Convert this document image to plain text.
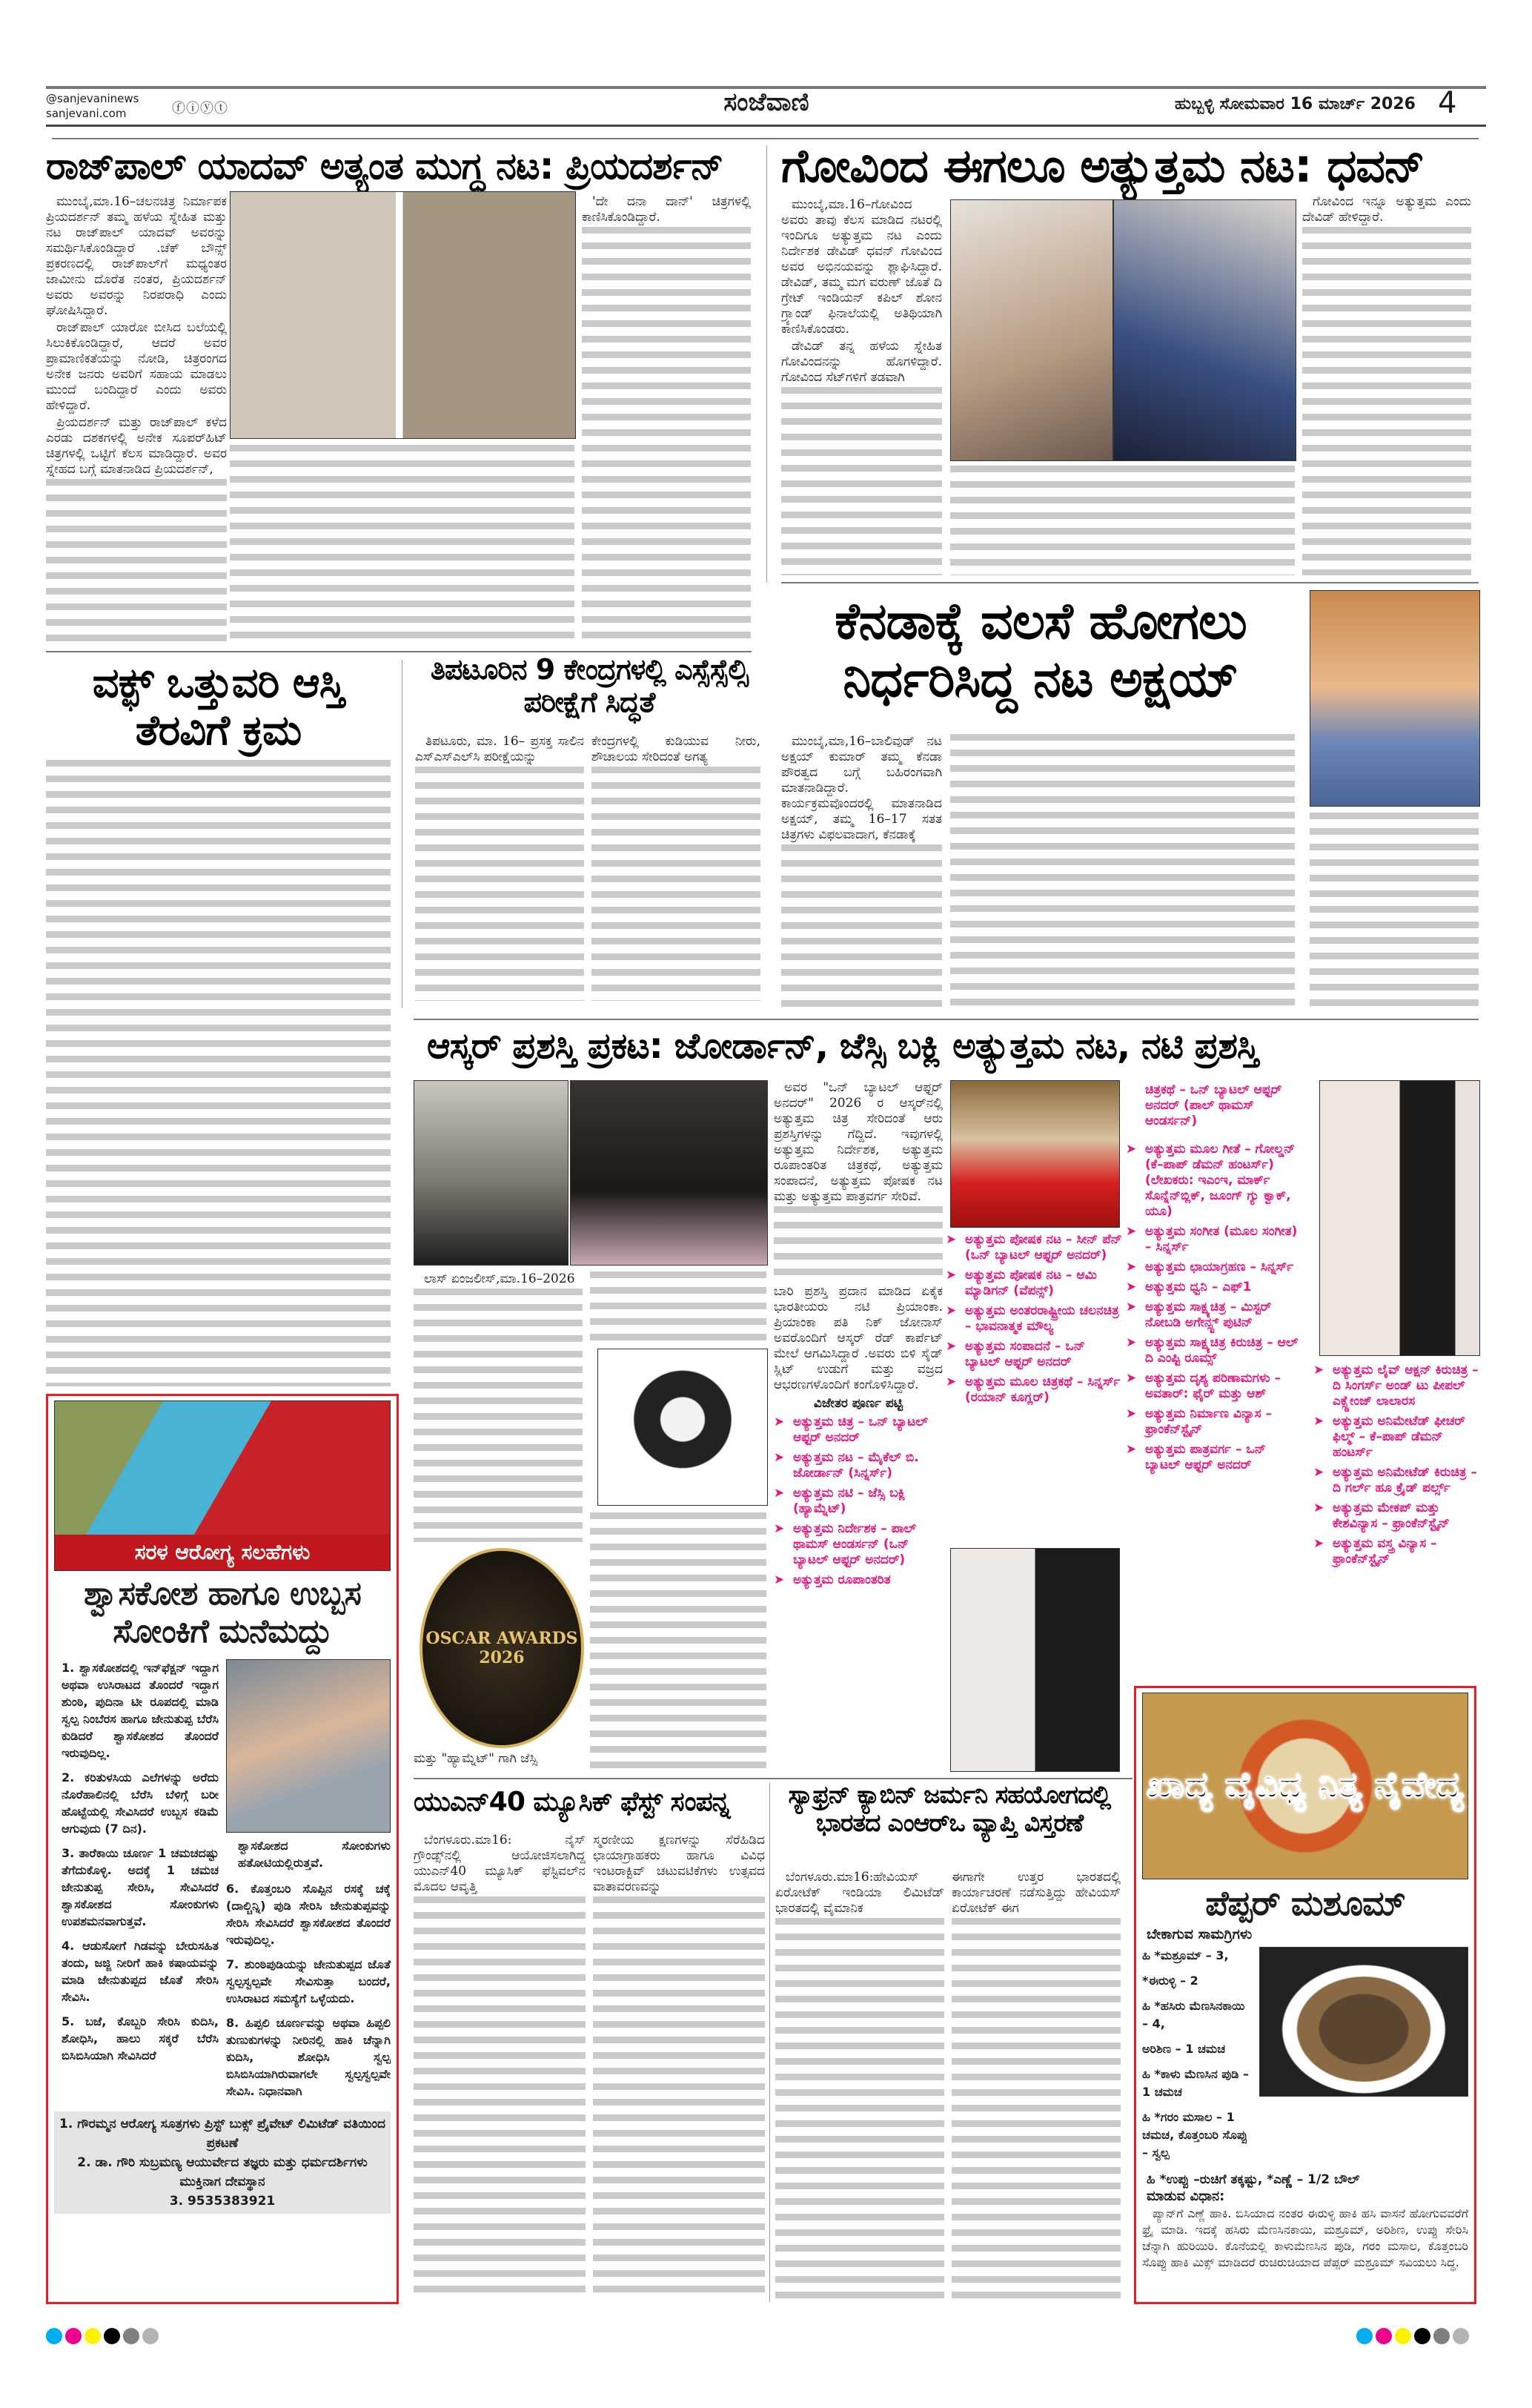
@sanjevaninews
sanjevani.com	ⓕⓘⓨⓣ	ಸಂಜೆವಾಣಿ	ಹುಬ್ಬಳ್ಳಿ ಸೋಮವಾರ 16 ಮಾರ್ಚ್ 2026 4
ರಾಜ್‌ಪಾಲ್ ಯಾದವ್ ಅತ್ಯಂತ ಮುಗ್ಧ ನಟ: ಪ್ರಿಯದರ್ಶನ್

ಮುಂಬೈ,ಮಾ.16–ಚಲನಚಿತ್ರ ನಿರ್ಮಾಪಕ ಪ್ರಿಯದರ್ಶನ್ ತಮ್ಮ ಹಳೆಯ ಸ್ನೇಹಿತ ಮತ್ತು ನಟ ರಾಜ್‌ಪಾಲ್ ಯಾದವ್ ಅವರನ್ನು ಸಮರ್ಥಿಸಿಕೊಂಡಿದ್ದಾರೆ .ಚೆಕ್ ಬೌನ್ಸ್ ಪ್ರಕರಣದಲ್ಲಿ ರಾಜ್‌ಪಾಲ್‌ಗೆ ಮಧ್ಯಂತರ ಜಾಮೀನು ದೊರೆತ ನಂತರ, ಪ್ರಿಯದರ್ಶನ್ ಅವರು ಅವರನ್ನು ನಿರಪರಾಧಿ ಎಂದು ಘೋಷಿಸಿದ್ದಾರೆ.

ರಾಜ್‌ಪಾಲ್ ಯಾರೋ ಬೀಸಿದ ಬಲೆಯಲ್ಲಿ ಸಿಲುಕಿಕೊಂಡಿದ್ದಾರೆ, ಆದರೆ ಅವರ ಪ್ರಾಮಾಣಿಕತೆಯನ್ನು ನೋಡಿ, ಚಿತ್ರರಂಗದ ಅನೇಕ ಜನರು ಅವರಿಗೆ ಸಹಾಯ ಮಾಡಲು ಮುಂದೆ ಬಂದಿದ್ದಾರೆ ಎಂದು ಅವರು ಹೇಳಿದ್ದಾರೆ.

ಪ್ರಿಯದರ್ಶನ್ ಮತ್ತು ರಾಜ್‌ಪಾಲ್ ಕಳೆದ ಎರಡು ದಶಕಗಳಲ್ಲಿ ಅನೇಕ ಸೂಪರ್‌ಹಿಟ್ ಚಿತ್ರಗಳಲ್ಲಿ ಒಟ್ಟಿಗೆ ಕೆಲಸ ಮಾಡಿದ್ದಾರೆ. ಅವರ ಸ್ನೇಹದ ಬಗ್ಗೆ ಮಾತನಾಡಿದ ಪ್ರಿಯದರ್ಶನ್,

'ದೇ ದನಾ ದಾನ್' ಚಿತ್ರಗಳಲ್ಲಿ ಕಾಣಿಸಿಕೊಂಡಿದ್ದಾರೆ.

ವಕ್ಫ್ ಒತ್ತುವರಿ ಆಸ್ತಿ ತೆರವಿಗೆ ಕ್ರಮ
ತಿಪಟೂರಿನ 9 ಕೇಂದ್ರಗಳಲ್ಲಿ ಎಸ್ಸೆಸ್ಸೆಲ್ಸಿ ಪರೀಕ್ಷೆಗೆ ಸಿದ್ಧತೆ

ತಿಪಟೂರು, ಮಾ. 16– ಪ್ರಸಕ್ತ ಸಾಲಿನ ಎಸ್‌ಎಸ್‌ಎಲ್‌ಸಿ ಪರೀಕ್ಷೆಯನ್ನು

ಕೇಂದ್ರಗಳಲ್ಲಿ ಕುಡಿಯುವ ನೀರು, ಶೌಚಾಲಯ ಸೇರಿದಂತೆ ಅಗತ್ಯ

ಗೋವಿಂದ ಈಗಲೂ ಅತ್ಯುತ್ತಮ ನಟ: ಧವನ್

ಮುಂಬೈ,ಮಾ.16–ಗೋವಿಂದ ಅವರು ತಾವು ಕೆಲಸ ಮಾಡಿದ ನಟರಲ್ಲಿ ಇಂದಿಗೂ ಅತ್ಯುತ್ತಮ ನಟ ಎಂದು ನಿರ್ದೇಶಕ ಡೇವಿಡ್ ಧವನ್ ಗೋವಿಂದ ಅವರ ಅಭಿನಯವನ್ನು ಶ್ಲಾಘಿಸಿದ್ದಾರೆ. ಡೇವಿಡ್, ತಮ್ಮ ಮಗ ವರುಣ್ ಜೊತೆ ದಿ ಗ್ರೇಟ್ ಇಂಡಿಯನ್ ಕಪಿಲ್ ಶೋನ ಗ್ರ್ಯಾಂಡ್ ಫಿನಾಲೆಯಲ್ಲಿ ಅತಿಥಿಯಾಗಿ ಕಾಣಿಸಿಕೊಂಡರು.

ಡೇವಿಡ್ ತನ್ನ ಹಳೆಯ ಸ್ನೇಹಿತ ಗೋವಿಂದನನ್ನು ಹೊಗಳಿದ್ದಾರೆ. ಗೋವಿಂದ ಸೆಟ್‌ಗಳಿಗೆ ತಡವಾಗಿ

ಗೋವಿಂದ ಇನ್ನೂ ಅತ್ಯುತ್ತಮ ಎಂದು ದೇವಿಡ್ ಹೇಳಿದ್ದಾರೆ.

ಕೆನಡಾಕ್ಕೆ ವಲಸೆ ಹೋಗಲು ನಿರ್ಧರಿಸಿದ್ದ ನಟ ಅಕ್ಷಯ್

ಮುಂಬೈ,ಮಾ,16–ಬಾಲಿವುಡ್ ನಟ ಅಕ್ಷಯ್ ಕುಮಾರ್ ತಮ್ಮ ಕೆನಡಾ ಪೌರತ್ವದ ಬಗ್ಗೆ ಬಹಿರಂಗವಾಗಿ ಮಾತನಾಡಿದ್ದಾರೆ. ಕಾರ್ಯಕ್ರಮವೊಂದರಲ್ಲಿ ಮಾತನಾಡಿದ ಅಕ್ಷಯ್, ತಮ್ಮ 16–17 ಸತತ ಚಿತ್ರಗಳು ವಿಫಲವಾದಾಗ, ಕೆನಡಾಕ್ಕೆ

ಆಸ್ಕರ್ ಪ್ರಶಸ್ತಿ ಪ್ರಕಟ: ಜೋರ್ಡಾನ್, ಜೆಸ್ಸಿ ಬಕ್ಲಿ ಅತ್ಯುತ್ತಮ ನಟ, ನಟಿ ಪ್ರಶಸ್ತಿ

ಲಾಸ್ ಏಂಜಲೀಸ್,ಮಾ.16–2026

OSCAR AWARDS 2026
ಮತ್ತು "ಹ್ಯಾಮ್ನೆಟ್" ಗಾಗಿ ಜೆಸ್ಸಿ

ಅವರ "ಒನ್ ಬ್ಯಾಟಲ್ ಆಫ್ಟರ್ ಅನದರ್" 2026 ರ ಆಸ್ಕರ್‌ನಲ್ಲಿ ಅತ್ಯುತ್ತಮ ಚಿತ್ರ ಸೇರಿದಂತೆ ಆರು ಪ್ರಶಸ್ತಿಗಳನ್ನು ಗೆದ್ದಿದೆ. ಇವುಗಳಲ್ಲಿ ಅತ್ಯುತ್ತಮ ನಿರ್ದೇಶಕ, ಅತ್ಯುತ್ತಮ ರೂಪಾಂತರಿತ ಚಿತ್ರಕಥೆ, ಅತ್ಯುತ್ತಮ ಸಂಪಾದನೆ, ಅತ್ಯುತ್ತಮ ಪೋಷಕ ನಟ ಮತ್ತು ಅತ್ಯುತ್ತಮ ಪಾತ್ರವರ್ಗ ಸೇರಿವೆ.

ಬಾರಿ ಪ್ರಶಸ್ತಿ ಪ್ರದಾನ ಮಾಡಿದ ಏಕೈಕ ಭಾರತೀಯರು ನಟಿ ಪ್ರಿಯಾಂಕಾ. ಪ್ರಿಯಾಂಕಾ ಪತಿ ನಿಕ್ ಜೋನಾಸ್ ಅವರೊಂದಿಗೆ ಆಸ್ಕರ್ ರೆಡ್ ಕಾರ್ಪೆಟ್ ಮೇಲೆ ಆಗಮಿಸಿದ್ದಾರೆ .ಅವರು ಬಿಳಿ ಸೈಡ್ ಸ್ಲಿಟ್ ಉಡುಗೆ ಮತ್ತು ವಜ್ರದ ಆಭರಣಗಳೊಂದಿಗೆ ಕಂಗೊಳಿಸಿದ್ದಾರೆ.

ವಿಜೇತರ ಪೂರ್ಣ ಪಟ್ಟಿ
➤ ಅತ್ಯುತ್ತಮ ಚಿತ್ರ – ಒನ್ ಬ್ಯಾಟಲ್ ಆಫ್ಟರ್ ಅನದರ್
➤ ಅತ್ಯುತ್ತಮ ನಟ – ಮೈಕೆಲ್ ಬಿ. ಜೋರ್ಡಾನ್ (ಸಿನ್ನರ್ಸ್)
➤ ಅತ್ಯುತ್ತಮ ನಟಿ – ಜೆಸ್ಸಿ ಬಕ್ಲಿ (ಹ್ಯಾಮ್ನೆಟ್)
➤ ಅತ್ಯುತ್ತಮ ನಿರ್ದೇಶಕ – ಪಾಲ್ ಥಾಮಸ್ ಆಂಡರ್ಸನ್ (ಒನ್ ಬ್ಯಾಟಲ್ ಆಫ್ಟರ್ ಅನದರ್)
➤ ಅತ್ಯುತ್ತಮ ರೂಪಾಂತರಿತ
➤ ಅತ್ಯುತ್ತಮ ಪೋಷಕ ನಟ – ಸೀನ್ ಪೆನ್ (ಒನ್ ಬ್ಯಾಟಲ್ ಆಫ್ಟರ್ ಅನದರ್)
➤ ಅತ್ಯುತ್ತಮ ಪೋಷಕ ನಟ – ಆಮಿ ಮ್ಯಾಡಿಗನ್ (ವೆಪನ್ಸ್)
➤ ಅತ್ಯುತ್ತಮ ಅಂತರರಾಷ್ಟ್ರೀಯ ಚಲನಚಿತ್ರ – ಭಾವನಾತ್ಮಕ ಮೌಲ್ಯ
➤ ಅತ್ಯುತ್ತಮ ಸಂಪಾದನೆ – ಒನ್ ಬ್ಯಾಟಲ್ ಆಫ್ಟರ್ ಅನದರ್
➤ ಅತ್ಯುತ್ತಮ ಮೂಲ ಚಿತ್ರಕಥೆ – ಸಿನ್ನರ್ಸ್ (ರಯಾನ್ ಕೂಗ್ಲರ್)
ಚಿತ್ರಕಥೆ – ಒನ್ ಬ್ಯಾಟಲ್ ಆಫ್ಟರ್ ಅನದರ್ (ಪಾಲ್ ಥಾಮಸ್ ಆಂಡರ್ಸನ್)
➤ ಅತ್ಯುತ್ತಮ ಮೂಲ ಗೀತೆ – ಗೋಲ್ಡನ್ (ಕೆ–ಪಾಪ್ ಡೆಮನ್ ಹಂಟರ್ಸ್) (ಲೇಖಕರು: ಇಎಂಇ, ಮಾರ್ಕ್ ಸೊನ್ನೆನ್‌ಬ್ಲಿಕ್, ಜೂಂಗ್ ಗ್ಯು ಕ್ವಾಕ್, ಯೂ)
➤ ಅತ್ಯುತ್ತಮ ಸಂಗೀತ (ಮೂಲ ಸಂಗೀತ) – ಸಿನ್ನರ್ಸ್
➤ ಅತ್ಯುತ್ತಮ ಛಾಯಾಗ್ರಹಣ – ಸಿನ್ನರ್ಸ್
➤ ಅತ್ಯುತ್ತಮ ಧ್ವನಿ – ಎಫ್1
➤ ಅತ್ಯುತ್ತಮ ಸಾಕ್ಷ್ಯಚಿತ್ರ – ಮಿಸ್ಟರ್ ನೋಬಡಿ ಅಗೇನ್ಸ್ಟ್ ಪುಟಿನ್
➤ ಅತ್ಯುತ್ತಮ ಸಾಕ್ಷ್ಯಚಿತ್ರ ಕಿರುಚಿತ್ರ – ಆಲ್ ದಿ ಎಂಪ್ಟಿ ರೂಮ್ಸ್
➤ ಅತ್ಯುತ್ತಮ ದೃಶ್ಯ ಪರಿಣಾಮಗಳು – ಅವತಾರ್: ಫೈರ್ ಮತ್ತು ಆಶ್
➤ ಅತ್ಯುತ್ತಮ ನಿರ್ಮಾಣ ವಿನ್ಯಾಸ – ಫ್ರಾಂಕೆನ್‌ಸ್ಟೈನ್
➤ ಅತ್ಯುತ್ತಮ ಪಾತ್ರವರ್ಗ – ಒನ್ ಬ್ಯಾಟಲ್ ಆಫ್ಟರ್ ಅನದರ್
➤ ಅತ್ಯುತ್ತಮ ಲೈವ್ ಆಕ್ಷನ್ ಕಿರುಚಿತ್ರ – ದಿ ಸಿಂಗರ್ಸ್ ಅಂಡ್ ಟು ಪೀಪಲ್ ಎಕ್ಸ್ಚೇಂಜ್ ಲಾಲಾರಸ
➤ ಅತ್ಯುತ್ತಮ ಅನಿಮೇಟೆಡ್ ಫೀಚರ್ ಫಿಲ್ಮ್ – ಕೆ–ಪಾಪ್ ಡೆಮನ್ ಹಂಟರ್ಸ್
➤ ಅತ್ಯುತ್ತಮ ಅನಿಮೇಟೆಡ್ ಕಿರುಚಿತ್ರ – ದಿ ಗರ್ಲ್ ಹೂ ಕ್ರೈಡ್ ಪರ್ಲ್ಸ್
➤ ಅತ್ಯುತ್ತಮ ಮೇಕಪ್ ಮತ್ತು ಕೇಶವಿನ್ಯಾಸ – ಫ್ರಾಂಕೆನ್‌ಸ್ಟೈನ್
➤ ಅತ್ಯುತ್ತಮ ವಸ್ತ್ರ ವಿನ್ಯಾಸ – ಫ್ರಾಂಕೆನ್‌ಸ್ಟೈನ್
ಯುಎನ್‌40 ಮ್ಯೂಸಿಕ್ ಫೆಸ್ಟ್ ಸಂಪನ್ನ

ಬೆಂಗಳೂರು.ಮಾ16: ನೈಸ್ ಗ್ರೌಂಡ್ಸ್‌ನಲ್ಲಿ ಆಯೋಜಿಸಲಾಗಿದ್ದ ಯುಎನ್‌40 ಮ್ಯೂಸಿಕ್ ಫೆಸ್ಟಿವಲ್‌ನ ಮೊದಲ ಆವೃತ್ತಿ

ಸ್ಮರಣೀಯ ಕ್ಷಣಗಳನ್ನು ಸೆರೆಹಿಡಿದ ಛಾಯಾಗ್ರಾಹಕರು ಹಾಗೂ ವಿವಿಧ ಇಂಟರಾಕ್ಟಿವ್ ಚಟುವಟಿಕೆಗಳು ಉತ್ಸವದ ವಾತಾವರಣವನ್ನು

ಸ್ಯಾಫ್ರನ್ ಕ್ಯಾಬಿನ್ ಜರ್ಮನಿ ಸಹಯೋಗದಲ್ಲಿ ಭಾರತದ ಎಂಆರ್‌ಒ ವ್ಯಾಪ್ತಿ ವಿಸ್ತರಣೆ

ಬೆಂಗಳೂರು.ಮಾ16:ಹೇವಿಯಸ್ ಏರೋಟೆಕ್ ಇಂಡಿಯಾ ಲಿಮಿಟೆಡ್ ಭಾರತದಲ್ಲಿ ವೈಮಾನಿಕ

ಈಗಾಗೇ ಉತ್ತರ ಭಾರತದಲ್ಲಿ ಕಾರ್ಯಾಚರಣೆ ನಡೆಸುತ್ತಿದ್ದು ಹೇವಿಯಸ್ ಏರೋಟೆಕ್ ಈಗ

ಖಾದ್ಯ ವೈವಿಧ್ಯ ನಿತ್ಯ ನೈವೇದ್ಯ
ಪೆಪ್ಪರ್ ಮಶೂಮ್
ಬೇಕಾಗುವ ಸಾಮಗ್ರಿಗಳು
ಹಿ *ಮಶ್ರೂಮ್ – 3,
*ಈರುಳ್ಳಿ – 2
ಹಿ *ಹಸಿರು ಮೆಣಸಿನಕಾಯಿ – 4,
ಅರಿಶಿಣ – 1 ಚಮಚ
ಹಿ *ಕಾಳು ಮೆಣಸಿನ ಪುಡಿ – 1 ಚಮಚ
ಹಿ *ಗರಂ ಮಸಾಲ – 1 ಚಮಚ, ಕೊತ್ತಂಬರಿ ಸೊಪ್ಪು – ಸ್ವಲ್ಪ
ಹಿ *ಉಪ್ಪು –ರುಚಿಗೆ ತಕ್ಕಷ್ಟು, *ಎಣ್ಣೆ – 1/2 ಬೌಲ್
ಮಾಡುವ ವಿಧಾನ:

ಪ್ಯಾನ್‌ಗೆ ಎಣ್ಣೆ ಹಾಕಿ. ಬಿಸಿಯಾದ ನಂತರ ಈರುಳ್ಳಿ ಹಾಕಿ ಹಸಿ ವಾಸನೆ ಹೋಗುವವರೆಗೆ ಫ್ರೈ ಮಾಡಿ. ಇದಕ್ಕೆ ಹಸಿರು ಮೆಣಸಿನಕಾಯಿ, ಮಶ್ರೂಮ್, ಅರಿಶಿಣ, ಉಪ್ಪು ಸೇರಿಸಿ ಚೆನ್ನಾಗಿ ಹುರಿಯಿರಿ. ಕೊನೆಯಲ್ಲಿ ಕಾಳುಮೆಣಸಿನ ಪುಡಿ, ಗರಂ ಮಸಾಲ, ಕೊತ್ತಂಬರಿ ಸೊಪ್ಪು ಹಾಕಿ ಮಿಕ್ಸ್ ಮಾಡಿದರೆ ರುಚಿರುಚಿಯಾದ ಪೆಪ್ಪರ್ ಮಶ್ರೂಮ್ ಸವಿಯಲು ಸಿದ್ಧ.

ಸರಳ ಆರೋಗ್ಯ ಸಲಹೆಗಳು
ಶ್ವಾಸಕೋಶ ಹಾಗೂ ಉಬ್ಬಸ ಸೋಂಕಿಗೆ ಮನೆಮದ್ದು
1. ಶ್ವಾಸಕೋಶದಲ್ಲಿ ಇನ್‌ಫೆಕ್ಷನ್ ಇದ್ದಾಗ ಅಥವಾ ಉಸಿರಾಟದ ತೊಂದರೆ ಇದ್ದಾಗ ಶುಂಠಿ, ಪುದಿನಾ ಟೀ ರೂಪದಲ್ಲಿ ಮಾಡಿ ಸ್ವಲ್ಪ ನಿಂಬೆರಸ ಹಾಗೂ ಜೇನುತುಪ್ಪ ಬೆರೆಸಿ ಕುಡಿದರೆ ಶ್ವಾಸಕೋಶದ ತೊಂದರೆ ಇರುವುದಿಲ್ಲ.
2. ಕರಿತುಳಸಿಯ ಎಲೆಗಳನ್ನು ಅರೆದು ನೊರೆಹಾಲಿನಲ್ಲಿ ಬೆರೆಸಿ ಬೆಳಿಗ್ಗೆ ಬರೀ ಹೊಟ್ಟೆಯಲ್ಲಿ ಸೇವಿಸಿದರೆ ಉಬ್ಬಸ ಕಡಿಮೆ ಆಗುವುದು (7 ದಿನ).
3. ತಾರೆಕಾಯಿ ಚೂರ್ಣ 1 ಚಮಚದಷ್ಟು ತೆಗೆದುಕೊಳ್ಳಿ. ಅದಕ್ಕೆ 1 ಚಮಚ ಜೇನುತುಪ್ಪ ಸೇರಿಸಿ, ಸೇವಿಸಿದರೆ ಶ್ವಾಸಕೋಶದ ಸೋಂಕುಗಳು ಉಪಶಮನವಾಗುತ್ತವೆ.
4. ಆಡುಸೋಗೆ ಗಿಡವನ್ನು ಬೇರುಸಹಿತ ತಂದು, ಜಜ್ಜಿ ನೀರಿಗೆ ಹಾಕಿ ಕಷಾಯವನ್ನು ಮಾಡಿ ಜೇನುತುಪ್ಪದ ಜೊತೆ ಸೇರಿಸಿ ಸೇವಿಸಿ.
5. ಬಜೆ, ಕೊಬ್ಬರಿ ಸೇರಿಸಿ ಕುದಿಸಿ, ಶೋಧಿಸಿ, ಹಾಲು ಸಕ್ಕರೆ ಬೆರೆಸಿ ಬಿಸಿಬಿಸಿಯಾಗಿ ಸೇವಿಸಿದರೆ
ಶ್ವಾಸಕೋಶದ ಸೋಂಕುಗಳು ಹತೋಟಿಯಲ್ಲಿರುತ್ತವೆ.
6. ಕೊತ್ತಂಬರಿ ಸೊಪ್ಪಿನ ರಸಕ್ಕೆ ಚಕ್ಕೆ (ದಾಲ್ಚಿನ್ನಿ) ಪುಡಿ ಸೇರಿಸಿ ಜೇನುತುಪ್ಪವನ್ನು ಸೇರಿಸಿ ಸೇವಿಸಿದರೆ ಶ್ವಾಸಕೋಶದ ತೊಂದರೆ ಇರುವುದಿಲ್ಲ.
7. ಶುಂಠಿಪುಡಿಯನ್ನು ಜೇನುತುಪ್ಪದ ಜೊತೆ ಸ್ವಲ್ಪಸ್ವಲ್ಪವೇ ಸೇವಿಸುತ್ತಾ ಬಂದರೆ, ಉಸಿರಾಟದ ಸಮಸ್ಯೆಗೆ ಒಳ್ಳೆಯದು.
8. ಹಿಪ್ಪಲಿ ಚೂರ್ಣವನ್ನು ಅಥವಾ ಹಿಪ್ಪಲಿ ತುಣುಕುಗಳನ್ನು ನೀರಿನಲ್ಲಿ ಹಾಕಿ ಚೆನ್ನಾಗಿ ಕುದಿಸಿ, ಶೋಧಿಸಿ ಸ್ವಲ್ಪ ಬಿಸಿಬಿಸಿಯಾಗಿರುವಾಗಲೇ ಸ್ವಲ್ಪಸ್ವಲ್ಪವೇ ಸೇವಿಸಿ. ನಿಧಾನವಾಗಿ
1. ಗೌರಮ್ಮನ ಆರೋಗ್ಯ ಸೂತ್ರಗಳು ಪ್ರಿಸ್ಟ್ ಬುಕ್ಸ್ ಪ್ರೈವೇಟ್ ಲಿಮಿಟೆಡ್ ವತಿಯಿಂದ ಪ್ರಕಟಣೆ
2. ಡಾ. ಗೌರಿ ಸುಬ್ರಮಣ್ಯ ಆಯುರ್ವೇದ ತಜ್ಞರು ಮತ್ತು ಧರ್ಮದರ್ಶಿಗಳು ಮುಕ್ತಿನಾಗ ದೇವಸ್ಥಾನ
3. 9535383921
